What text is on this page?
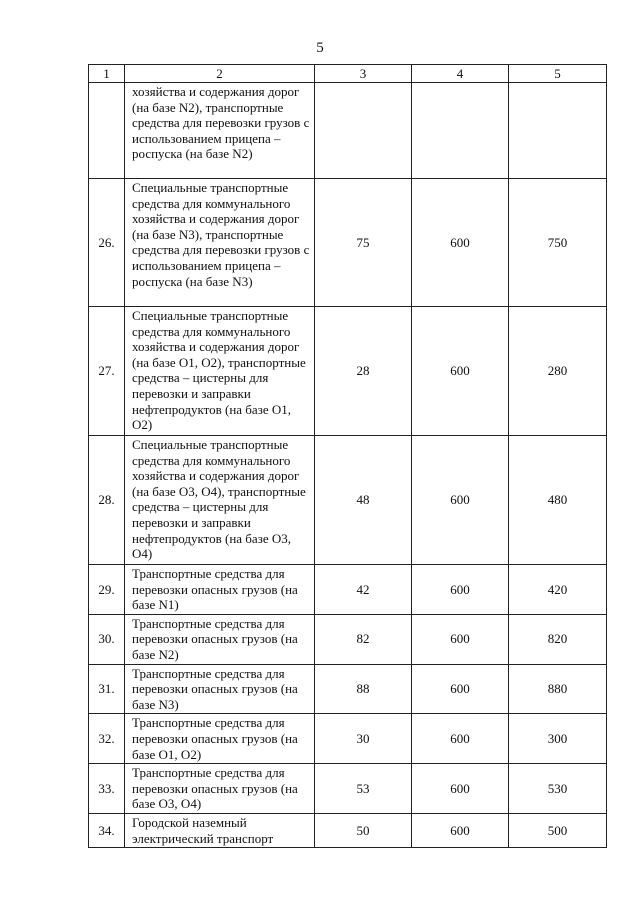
5
1	2	3	4	5
	хозяйства и содержания дорог (на базе N2), транспортные средства для перевозки грузов с использованием прицепа – роспуска (на базе N2)			
26.	Специальные транспортные средства для коммунального хозяйства и содержания дорог (на базе N3), транспортные средства для перевозки грузов с использованием прицепа – роспуска (на базе N3)	75	600	750
27.	Специальные транспортные средства для коммунального хозяйства и содержания дорог (на базе O1, O2), транспортные средства – цистерны для перевозки и заправки нефтепродуктов (на базе O1, O2)	28	600	280
28.	Специальные транспортные средства для коммунального хозяйства и содержания дорог (на базе O3, O4), транспортные средства – цистерны для перевозки и заправки нефтепродуктов (на базе O3, O4)	48	600	480
29.	Транспортные средства для перевозки опасных грузов (на базе N1)	42	600	420
30.	Транспортные средства для перевозки опасных грузов (на базе N2)	82	600	820
31.	Транспортные средства для перевозки опасных грузов (на базе N3)	88	600	880
32.	Транспортные средства для перевозки опасных грузов (на базе O1, O2)	30	600	300
33.	Транспортные средства для перевозки опасных грузов (на базе O3, O4)	53	600	530
34.	Городской наземный электрический транспорт	50	600	500
